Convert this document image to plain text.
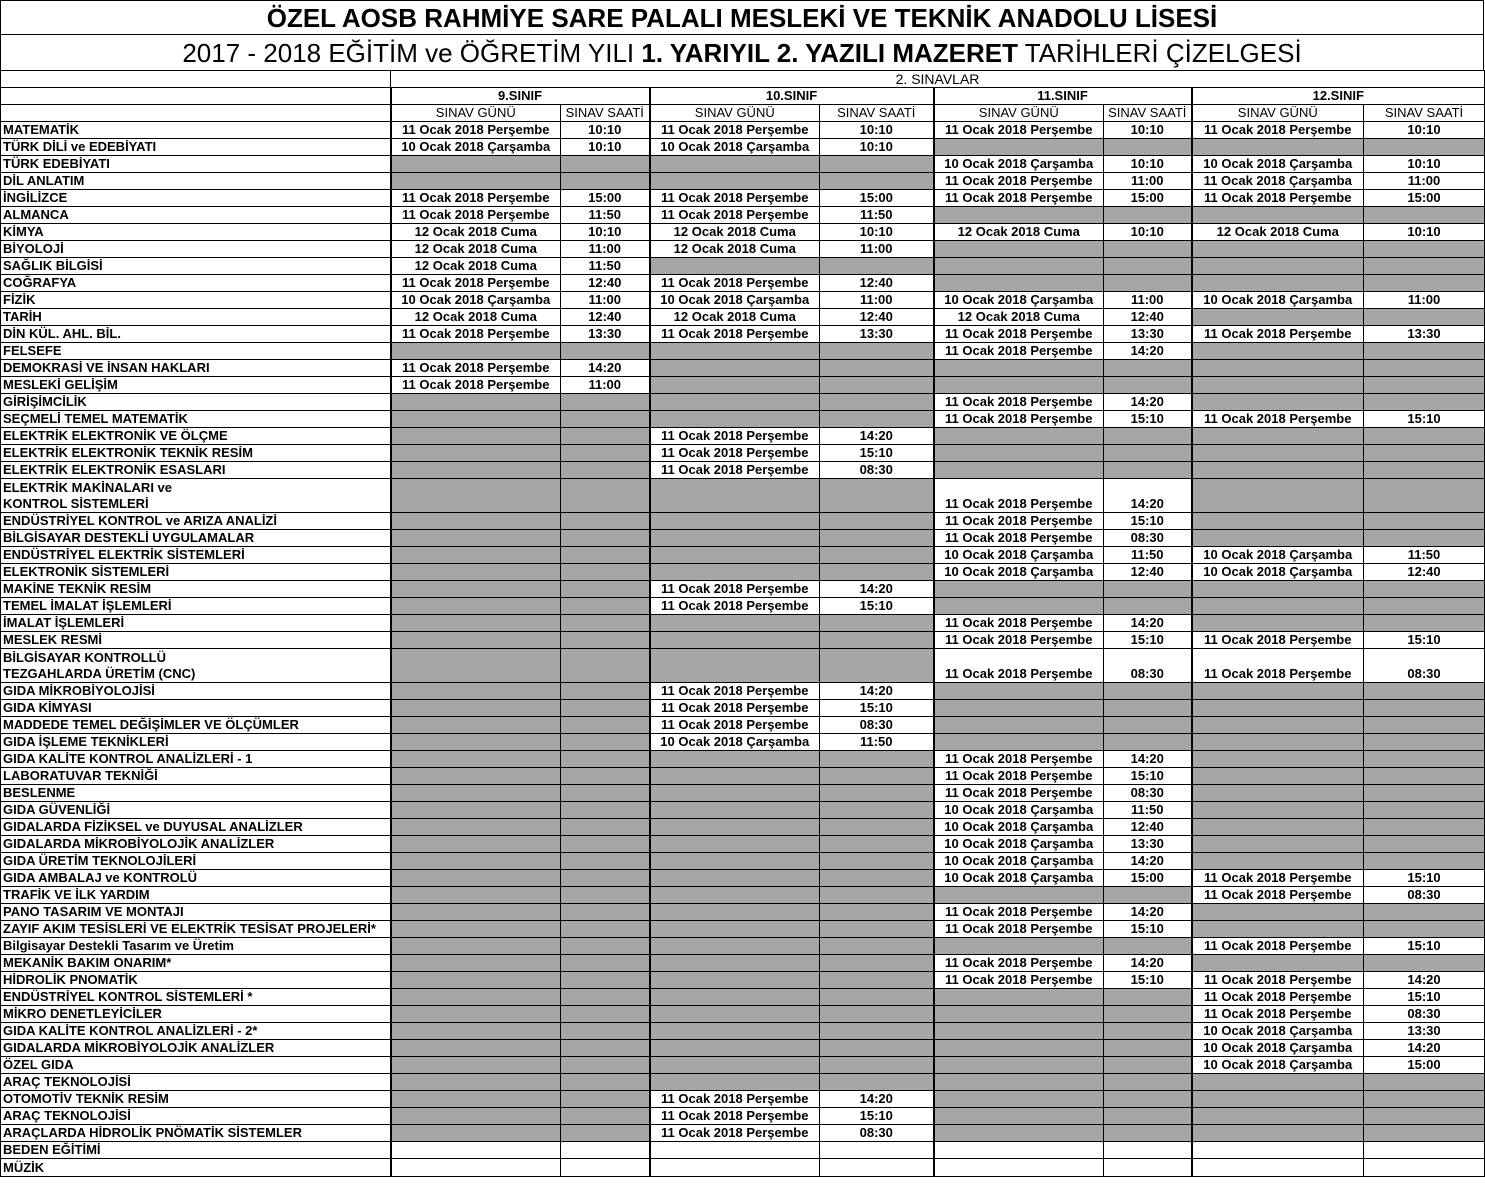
ÖZEL AOSB RAHMİYE SARE PALALI MESLEKİ VE TEKNİK ANADOLU LİSESİ
2017 - 2018 EĞİTİM ve ÖĞRETİM YILI 1. YARIYIL 2. YAZILI MAZERET TARİHLERİ ÇİZELGESİ
	2. SINAVLAR							
	9.SINIF		10.SINIF		11.SINIF		12.SINIF	
	SINAV GÜNÜ	SINAV SAATİ	SINAV GÜNÜ	SINAV SAATİ	SINAV GÜNÜ	SINAV SAATİ	SINAV GÜNÜ	SINAV SAATİ
MATEMATİK	11 Ocak 2018 Perşembe	10:10	11 Ocak 2018 Perşembe	10:10	11 Ocak 2018 Perşembe	10:10	11 Ocak 2018 Perşembe	10:10
TÜRK DİLİ ve EDEBİYATI	10 Ocak 2018 Çarşamba	10:10	10 Ocak 2018 Çarşamba	10:10				
TÜRK EDEBİYATI					10 Ocak 2018 Çarşamba	10:10	10 Ocak 2018 Çarşamba	10:10
DİL ANLATIM					11 Ocak 2018 Perşembe	11:00	11 Ocak 2018 Çarşamba	11:00
İNGİLİZCE	11 Ocak 2018 Perşembe	15:00	11 Ocak 2018 Perşembe	15:00	11 Ocak 2018 Perşembe	15:00	11 Ocak 2018 Perşembe	15:00
ALMANCA	11 Ocak 2018 Perşembe	11:50	11 Ocak 2018 Perşembe	11:50				
KİMYA	12 Ocak 2018 Cuma	10:10	12 Ocak 2018 Cuma	10:10	12 Ocak 2018 Cuma	10:10	12 Ocak 2018 Cuma	10:10
BİYOLOJİ	12 Ocak 2018 Cuma	11:00	12 Ocak 2018 Cuma	11:00				
SAĞLIK BİLGİSİ	12 Ocak 2018 Cuma	11:50						
COĞRAFYA	11 Ocak 2018 Perşembe	12:40	11 Ocak 2018 Perşembe	12:40				
FİZİK	10 Ocak 2018 Çarşamba	11:00	10 Ocak 2018 Çarşamba	11:00	10 Ocak 2018 Çarşamba	11:00	10 Ocak 2018 Çarşamba	11:00
TARİH	12 Ocak 2018 Cuma	12:40	12 Ocak 2018 Cuma	12:40	12 Ocak 2018 Cuma	12:40		
DİN KÜL. AHL. BİL.	11 Ocak 2018 Perşembe	13:30	11 Ocak 2018 Perşembe	13:30	11 Ocak 2018 Perşembe	13:30	11 Ocak 2018 Perşembe	13:30
FELSEFE					11 Ocak 2018 Perşembe	14:20		
DEMOKRASİ VE İNSAN HAKLARI	11 Ocak 2018 Perşembe	14:20						
MESLEKİ GELİŞİM	11 Ocak 2018 Perşembe	11:00						
GİRİŞİMCİLİK					11 Ocak 2018 Perşembe	14:20		
SEÇMELİ TEMEL MATEMATİK					11 Ocak 2018 Perşembe	15:10	11 Ocak 2018 Perşembe	15:10
ELEKTRİK ELEKTRONİK VE ÖLÇME			11 Ocak 2018 Perşembe	14:20				
ELEKTRİK ELEKTRONİK TEKNİK RESİM			11 Ocak 2018 Perşembe	15:10				
ELEKTRİK ELEKTRONİK ESASLARI			11 Ocak 2018 Perşembe	08:30				

ELEKTRİK MAKİNALARI ve
KONTROL SİSTEMLERİ					11 Ocak 2018 Perşembe	14:20		
ENDÜSTRİYEL KONTROL ve ARIZA ANALİZİ					11 Ocak 2018 Perşembe	15:10		
BİLGİSAYAR DESTEKLİ UYGULAMALAR					11 Ocak 2018 Perşembe	08:30		
ENDÜSTRİYEL ELEKTRİK SİSTEMLERİ					10 Ocak 2018 Çarşamba	11:50	10 Ocak 2018 Çarşamba	11:50
ELEKTRONİK SİSTEMLERİ					10 Ocak 2018 Çarşamba	12:40	10 Ocak 2018 Çarşamba	12:40
MAKİNE TEKNİK RESİM			11 Ocak 2018 Perşembe	14:20				
TEMEL İMALAT İŞLEMLERİ			11 Ocak 2018 Perşembe	15:10				
İMALAT İŞLEMLERİ					11 Ocak 2018 Perşembe	14:20		
MESLEK RESMİ					11 Ocak 2018 Perşembe	15:10	11 Ocak 2018 Perşembe	15:10

BİLGİSAYAR KONTROLLÜ
TEZGAHLARDA ÜRETİM (CNC)					11 Ocak 2018 Perşembe	08:30	11 Ocak 2018 Perşembe	08:30
GIDA MİKROBİYOLOJİSİ			11 Ocak 2018 Perşembe	14:20				
GIDA KİMYASI			11 Ocak 2018 Perşembe	15:10				
MADDEDE TEMEL DEĞİŞİMLER VE ÖLÇÜMLER			11 Ocak 2018 Perşembe	08:30				
GIDA İŞLEME TEKNİKLERİ			10 Ocak 2018 Çarşamba	11:50				
GIDA KALİTE KONTROL ANALİZLERİ - 1					11 Ocak 2018 Perşembe	14:20		
LABORATUVAR TEKNİĞİ					11 Ocak 2018 Perşembe	15:10		
BESLENME					11 Ocak 2018 Perşembe	08:30		
GIDA GÜVENLİĞİ					10 Ocak 2018 Çarşamba	11:50		
GIDALARDA FİZİKSEL ve DUYUSAL ANALİZLER					10 Ocak 2018 Çarşamba	12:40		
GIDALARDA MİKROBİYOLOJİK ANALİZLER					10 Ocak 2018 Çarşamba	13:30		
GIDA ÜRETİM TEKNOLOJİLERİ					10 Ocak 2018 Çarşamba	14:20		
GIDA AMBALAJ ve KONTROLÜ					10 Ocak 2018 Çarşamba	15:00	11 Ocak 2018 Perşembe	15:10
TRAFİK VE İLK YARDIM							11 Ocak 2018 Perşembe	08:30
PANO TASARIM VE MONTAJI					11 Ocak 2018 Perşembe	14:20		
ZAYIF AKIM TESİSLERİ VE ELEKTRİK TESİSAT PROJELERİ*					11 Ocak 2018 Perşembe	15:10		
Bilgisayar Destekli Tasarım ve Üretim							11 Ocak 2018 Perşembe	15:10
MEKANİK BAKIM ONARIM*					11 Ocak 2018 Perşembe	14:20		
HİDROLİK PNOMATİK					11 Ocak 2018 Perşembe	15:10	11 Ocak 2018 Perşembe	14:20
ENDÜSTRİYEL KONTROL SİSTEMLERİ *							11 Ocak 2018 Perşembe	15:10
MİKRO DENETLEYİCİLER							11 Ocak 2018 Perşembe	08:30
GIDA KALİTE KONTROL ANALİZLERİ - 2*							10 Ocak 2018 Çarşamba	13:30
GIDALARDA MİKROBİYOLOJİK ANALİZLER							10 Ocak 2018 Çarşamba	14:20
ÖZEL GIDA							10 Ocak 2018 Çarşamba	15:00
ARAÇ TEKNOLOJİSİ								
OTOMOTİV TEKNİK RESİM			11 Ocak 2018 Perşembe	14:20				
ARAÇ TEKNOLOJİSİ			11 Ocak 2018 Perşembe	15:10				
ARAÇLARDA HİDROLİK PNÖMATİK SİSTEMLER			11 Ocak 2018 Perşembe	08:30				
BEDEN EĞİTİMİ								
MÜZİK								
